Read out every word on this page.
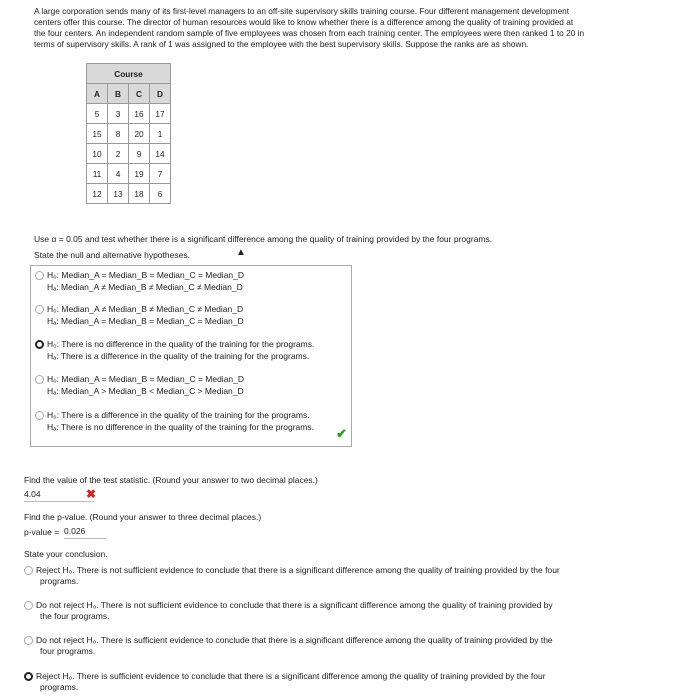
A large corporation sends many of its first-level managers to an off-site supervisory skills training course. Four different management development
centers offer this course. The director of human resources would like to know whether there is a difference among the quality of training provided at
the four centers. An independent random sample of five employees was chosen from each training center. The employees were then ranked 1 to 20 in
terms of supervisory skills. A rank of 1 was assigned to the employee with the best supervisory skills. Suppose the ranks are as shown.
Course			
A	B	C	D
5	3	16	17
15	8	20	1
10	2	9	14
11	4	19	7
12	13	18	6
Use α = 0.05 and test whether there is a significant difference among the quality of training provided by the four programs.
State the null and alternative hypotheses.	▲
H₀: Median_A = Median_B = Median_C = Median_D
Hₐ: Median_A ≠ Median_B ≠ Median_C ≠ Median_D
H₀: Median_A ≠ Median_B ≠ Median_C ≠ Median_D
Hₐ: Median_A = Median_B = Median_C = Median_D
H₀: There is no difference in the quality of the training for the programs.
Hₐ: There is a difference in the quality of the training for the programs.
H₀: Median_A = Median_B = Median_C = Median_D
Hₐ: Median_A > Median_B < Median_C > Median_D
H₀: There is a difference in the quality of the training for the programs.
Hₐ: There is no difference in the quality of the training for the programs. ✔
Find the value of the test statistic. (Round your answer to two decimal places.)
4.04	✖
Find the p-value. (Round your answer to three decimal places.)
p-value = 0.026
State your conclusion.
Reject H₀. There is not sufficient evidence to conclude that there is a significant difference among the quality of training provided by the four
programs.
Do not reject H₀. There is not sufficient evidence to conclude that there is a significant difference among the quality of training provided by
the four programs.
Do not reject H₀. There is sufficient evidence to conclude that there is a significant difference among the quality of training provided by the
four programs.
Reject H₀. There is sufficient evidence to conclude that there is a significant difference among the quality of training provided by the four
programs.
